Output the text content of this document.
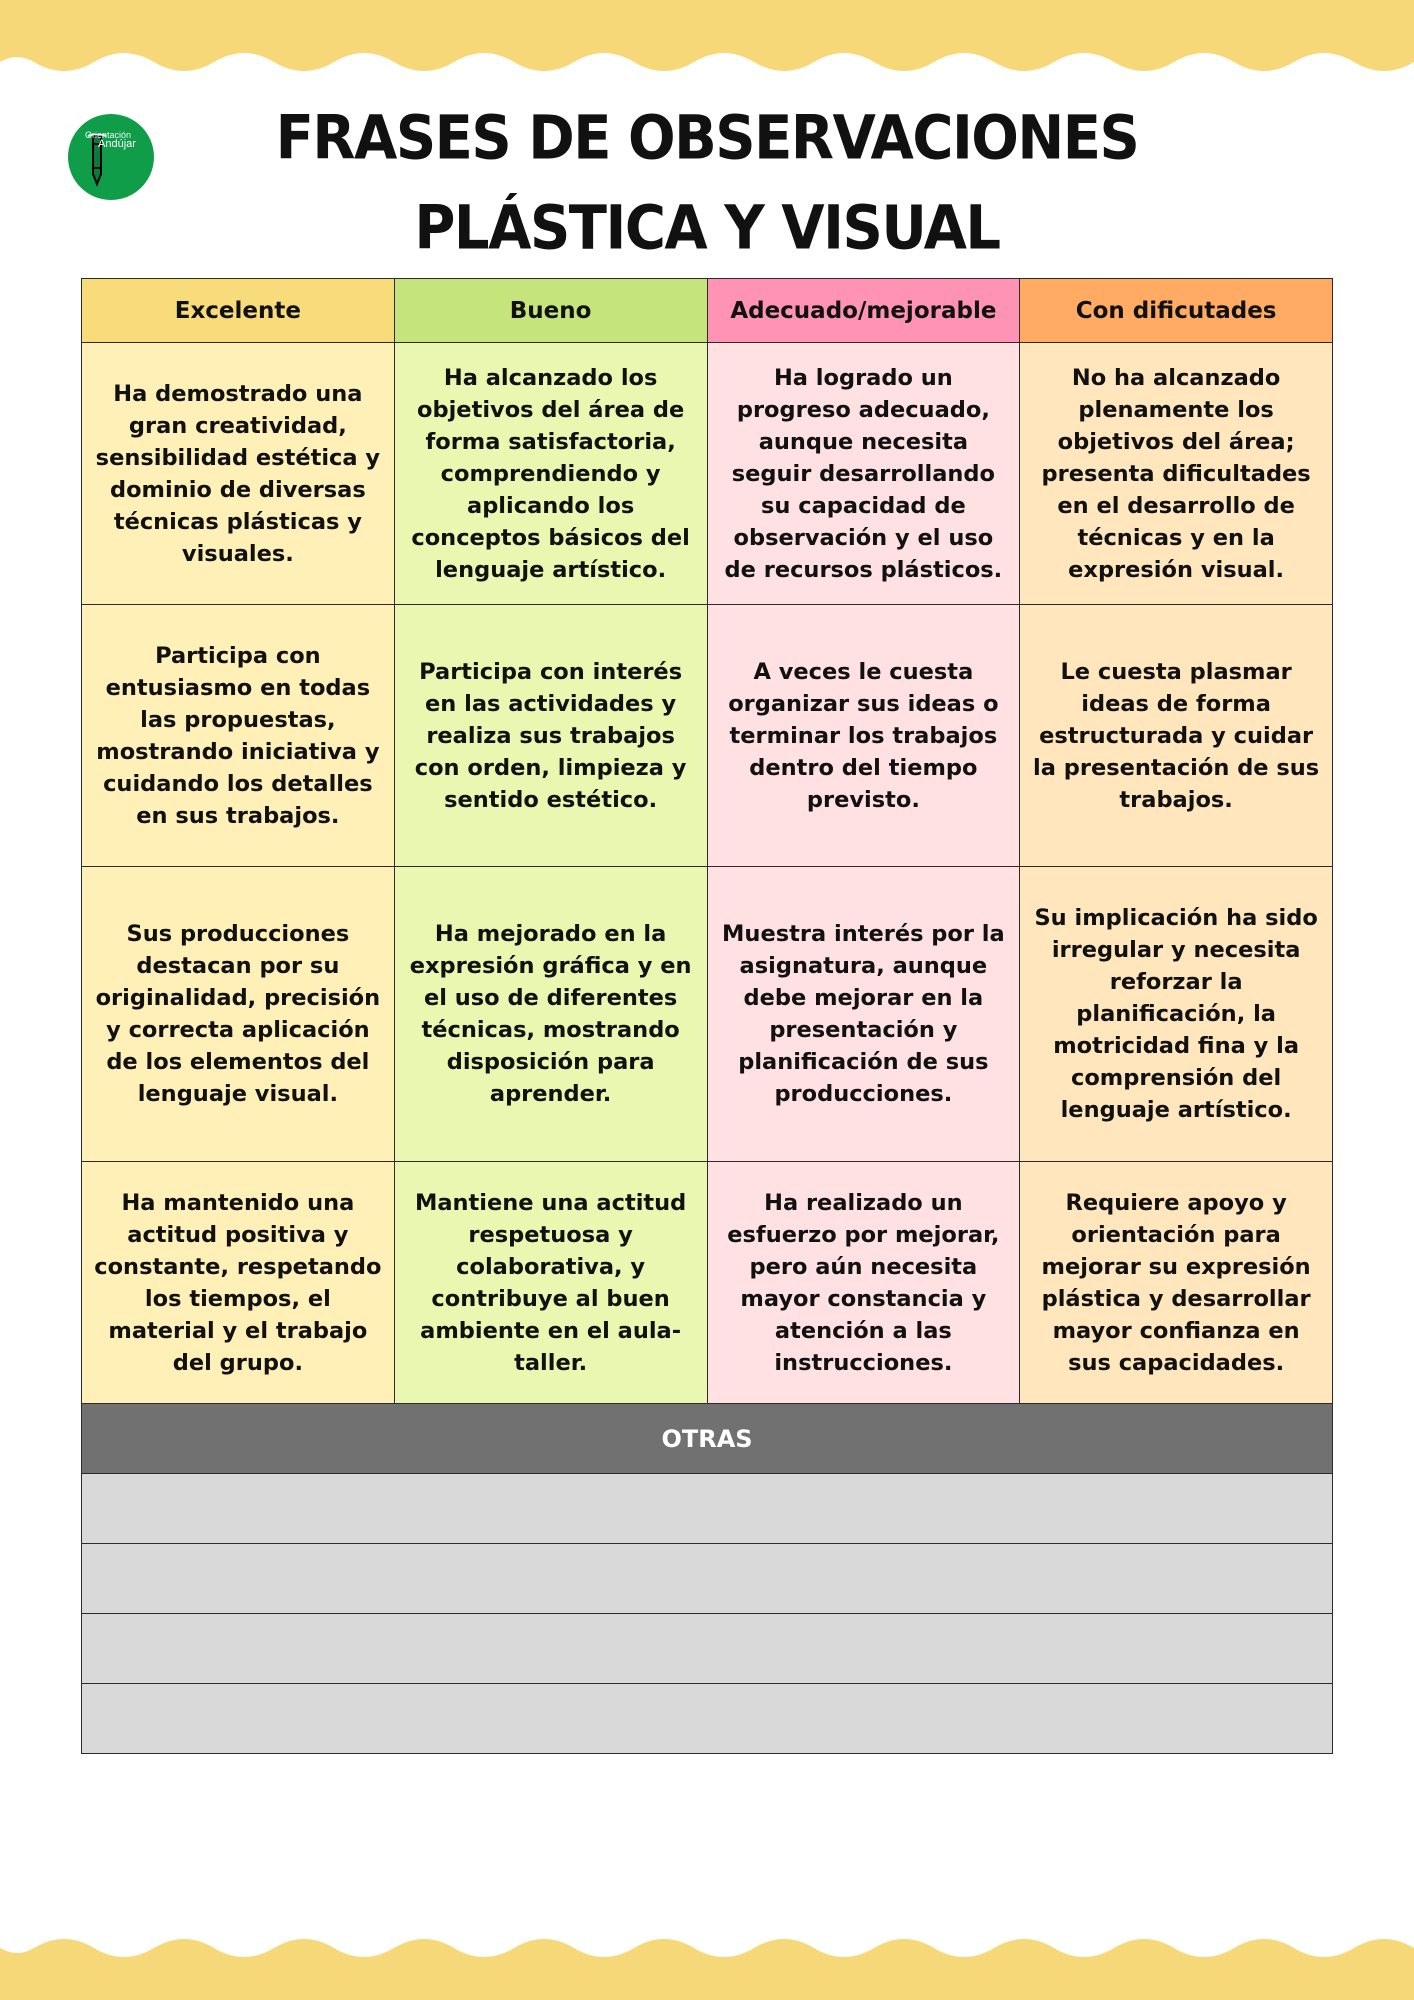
Orientación
Andújar	FRASES DE OBSERVACIONES
PLÁSTICA Y VISUAL
Excelente	Bueno	Adecuado/mejorable	Con dificutades
Ha demostrado una gran creatividad, sensibilidad estética y dominio de diversas técnicas plásticas y visuales.	Ha alcanzado los objetivos del área de forma satisfactoria, comprendiendo y aplicando los conceptos básicos del lenguaje artístico.	Ha logrado un progreso adecuado, aunque necesita seguir desarrollando su capacidad de observación y el uso de recursos plásticos.	No ha alcanzado plenamente los objetivos del área; presenta dificultades en el desarrollo de técnicas y en la expresión visual.
Participa con entusiasmo en todas las propuestas, mostrando iniciativa y cuidando los detalles en sus trabajos.	Participa con interés en las actividades y realiza sus trabajos con orden, limpieza y sentido estético.	A veces le cuesta organizar sus ideas o terminar los trabajos dentro del tiempo previsto.	Le cuesta plasmar ideas de forma estructurada y cuidar la presentación de sus trabajos.
Sus producciones destacan por su originalidad, precisión y correcta aplicación de los elementos del lenguaje visual.	Ha mejorado en la expresión gráfica y en el uso de diferentes técnicas, mostrando disposición para aprender.	Muestra interés por la asignatura, aunque debe mejorar en la presentación y planificación de sus producciones.	Su implicación ha sido irregular y necesita reforzar la planificación, la motricidad fina y la comprensión del lenguaje artístico.
Ha mantenido una actitud positiva y constante, respetando los tiempos, el material y el trabajo del grupo.	Mantiene una actitud respetuosa y colaborativa, y contribuye al buen ambiente en el aula-taller.	Ha realizado un esfuerzo por mejorar, pero aún necesita mayor constancia y atención a las instrucciones.	Requiere apoyo y orientación para mejorar su expresión plástica y desarrollar mayor confianza en sus capacidades.
OTRAS			
